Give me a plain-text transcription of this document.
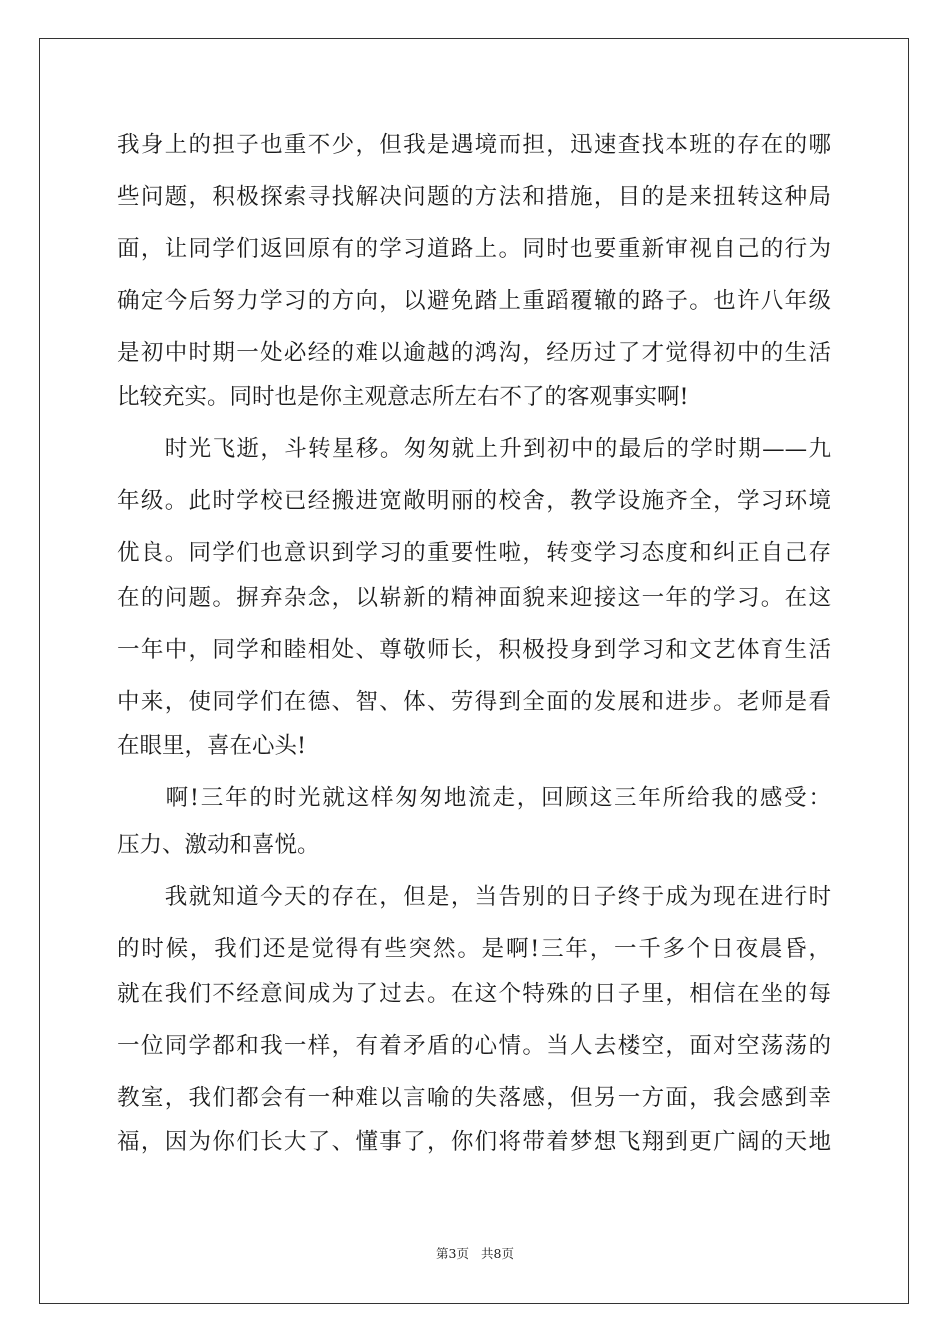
我身上的担子也重不少，但我是遇境而担，迅速查找本班的存在的哪
些问题，积极探索寻找解决问题的方法和措施，目的是来扭转这种局
面，让同学们返回原有的学习道路上。同时也要重新审视自己的行为
确定今后努力学习的方向，以避免踏上重蹈覆辙的路子。也许八年级
是初中时期一处必经的难以逾越的鸿沟，经历过了才觉得初中的生活
比较充实。同时也是你主观意志所左右不了的客观事实啊!
　　时光飞逝，斗转星移。匆匆就上升到初中的最后的学时期——九
年级。此时学校已经搬进宽敞明丽的校舍，教学设施齐全，学习环境
优良。同学们也意识到学习的重要性啦，转变学习态度和纠正自己存
在的问题。摒弃杂念，以崭新的精神面貌来迎接这一年的学习。在这
一年中，同学和睦相处、尊敬师长，积极投身到学习和文艺体育生活
中来，使同学们在德、智、体、劳得到全面的发展和进步。老师是看
在眼里，喜在心头!
　　啊!三年的时光就这样匆匆地流走，回顾这三年所给我的感受：
压力、激动和喜悦。
　　我就知道今天的存在，但是，当告别的日子终于成为现在进行时
的时候，我们还是觉得有些突然。是啊!三年，一千多个日夜晨昏，
就在我们不经意间成为了过去。在这个特殊的日子里，相信在坐的每
一位同学都和我一样，有着矛盾的心情。当人去楼空，面对空荡荡的
教室，我们都会有一种难以言喻的失落感，但另一方面，我会感到幸
福，因为你们长大了、懂事了，你们将带着梦想飞翔到更广阔的天地
第3页 共8页
